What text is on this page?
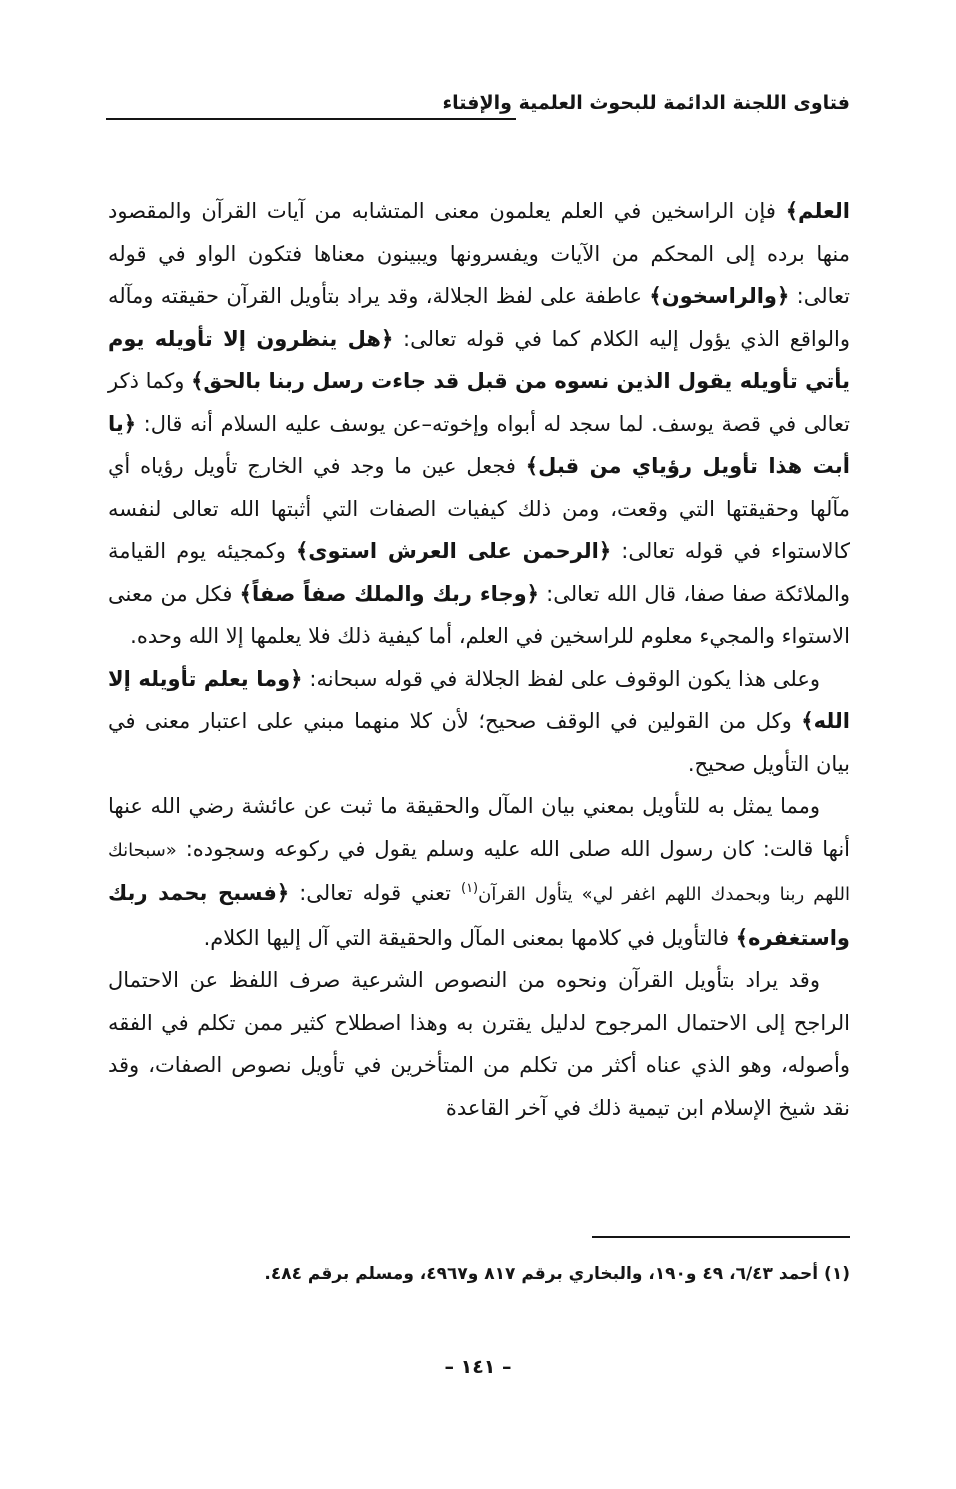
فتاوى اللجنة الدائمة للبحوث العلمية والإفتاء

العلم﴾ فإن الراسخين في العلم يعلمون معنى المتشابه من آيات القرآن والمقصود منها برده إلى المحكم من الآيات ويفسرونها ويبينون معناها فتكون الواو في قوله تعالى: ﴿والراسخون﴾ عاطفة على لفظ الجلالة، وقد يراد بتأويل القرآن حقيقته ومآله والواقع الذي يؤول إليه الكلام كما في قوله تعالى: ﴿هل ينظرون إلا تأويله يوم يأتي تأويله يقول الذين نسوه من قبل قد جاءت رسل ربنا بالحق﴾ وكما ذكر تعالى في قصة يوسف. لما سجد له أبواه وإخوته–عن يوسف عليه السلام أنه قال: ﴿يا أبت هذا تأويل رؤياي من قبل﴾ فجعل عين ما وجد في الخارج تأويل رؤياه أي مآلها وحقيقتها التي وقعت، ومن ذلك كيفيات الصفات التي أثبتها الله تعالى لنفسه كالاستواء في قوله تعالى: ﴿الرحمن على العرش استوى﴾ وكمجيئه يوم القيامة والملائكة صفا صفا، قال الله تعالى: ﴿وجاء ربك والملك صفاً صفاً﴾ فكل من معنى الاستواء والمجيء معلوم للراسخين في العلم، أما كيفية ذلك فلا يعلمها إلا الله وحده.

وعلى هذا يكون الوقوف على لفظ الجلالة في قوله سبحانه: ﴿وما يعلم تأويله إلا الله﴾ وكل من القولين في الوقف صحيح؛ لأن كلا منهما مبني على اعتبار معنى في بيان التأويل صحيح.

ومما يمثل به للتأويل بمعني بيان المآل والحقيقة ما ثبت عن عائشة رضي الله عنها أنها قالت: كان رسول الله صلى الله عليه وسلم يقول في ركوعه وسجوده: «سبحانك اللهم ربنا وبحمدك اللهم اغفر لي» يتأول القرآن$^{(١)}$ تعني قوله تعالى: ﴿فسبح بحمد ربك واستغفره﴾ فالتأويل في كلامها بمعنى المآل والحقيقة التي آل إليها الكلام.

وقد يراد بتأويل القرآن ونحوه من النصوص الشرعية صرف اللفظ عن الاحتمال الراجح إلى الاحتمال المرجوح لدليل يقترن به وهذا اصطلاح كثير ممن تكلم في الفقه وأصوله، وهو الذي عناه أكثر من تكلم من المتأخرين في تأويل نصوص الصفات، وقد نقد شيخ الإسلام ابن تيمية ذلك في آخر القاعدة

(١) أحمد ٦/٤٣، ٤٩ و١٩٠، والبخاري برقم ٨١٧ و٤٩٦٧، ومسلم برقم ٤٨٤.
– ١٤١ –
